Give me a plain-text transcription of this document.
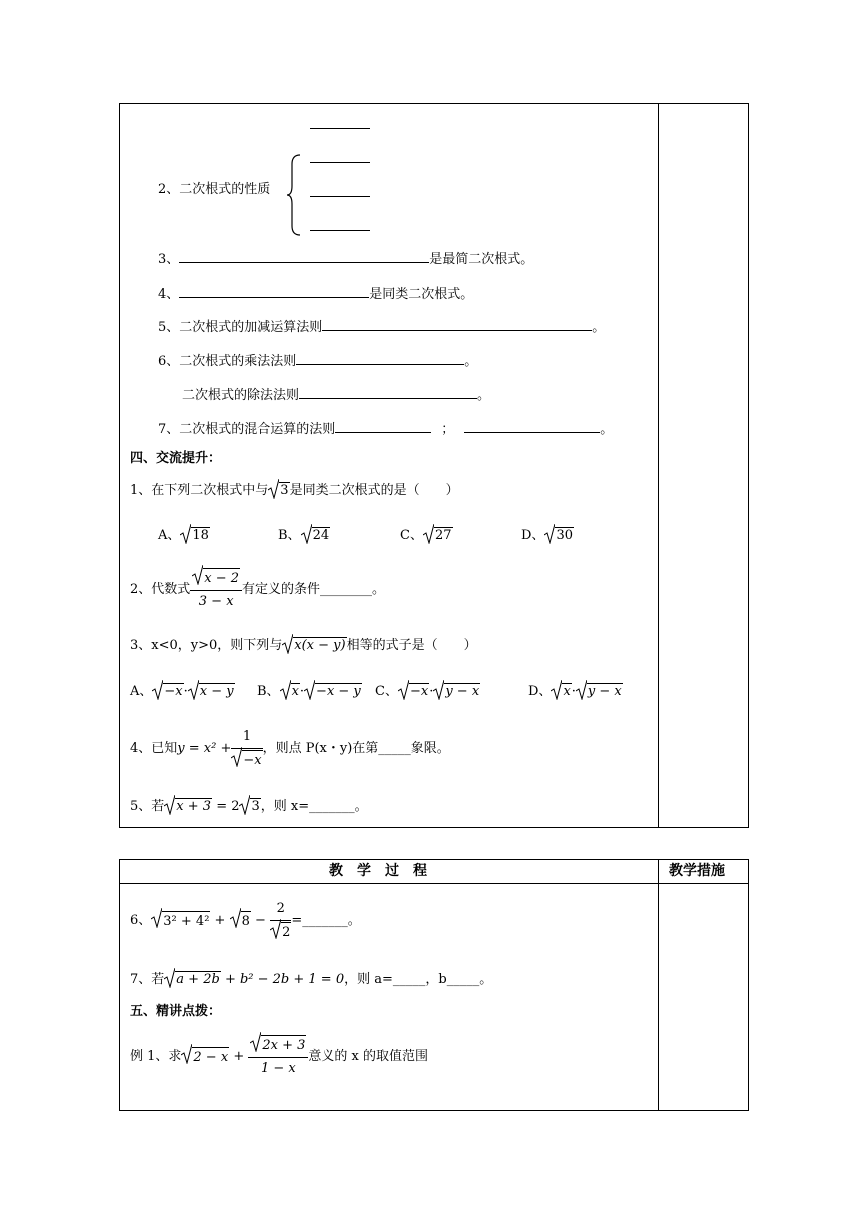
2、二次根式的性质
3、	是最简二次根式。
4、	是同类二次根式。
5、二次根式的加减运算法则	。
6、二次根式的乘法法则	。
二次根式的除法法则	。
7、二次根式的混合运算的法则	；	。
四、交流提升：
1、在下列二次根式中与 3是同类二次根式的是（　　）
A、 18	B、 24	C、 27	D、 30
2、代数式 $\frac{x - 2}{3 - x}$ 有定义的条件________。
3、x<0，y>0，则下列与 x(x − y)相等的式子是（　　）
A、 −x· x − y B、 x· −x − y C、 −x· y − x	D、 x· y − x
4、已知$y = x^2 + \frac{1}{-x}$ ，则点 P(x・y)在第_____象限。
5、若 x + 3 = 2 3，则 x=_______。
教　学　过　程	教学措施
6、 $3^2 + 4^2 + 8 - \frac{2}{2}$ =_______。
7、若 a + 2b + b² − 2b + 1 = 0，则 a=_____，b_____。
五、精讲点拨：
例 1、求 $2 - x + \frac{2x + 3}{1 - x}$ 意义的 x 的取值范围
